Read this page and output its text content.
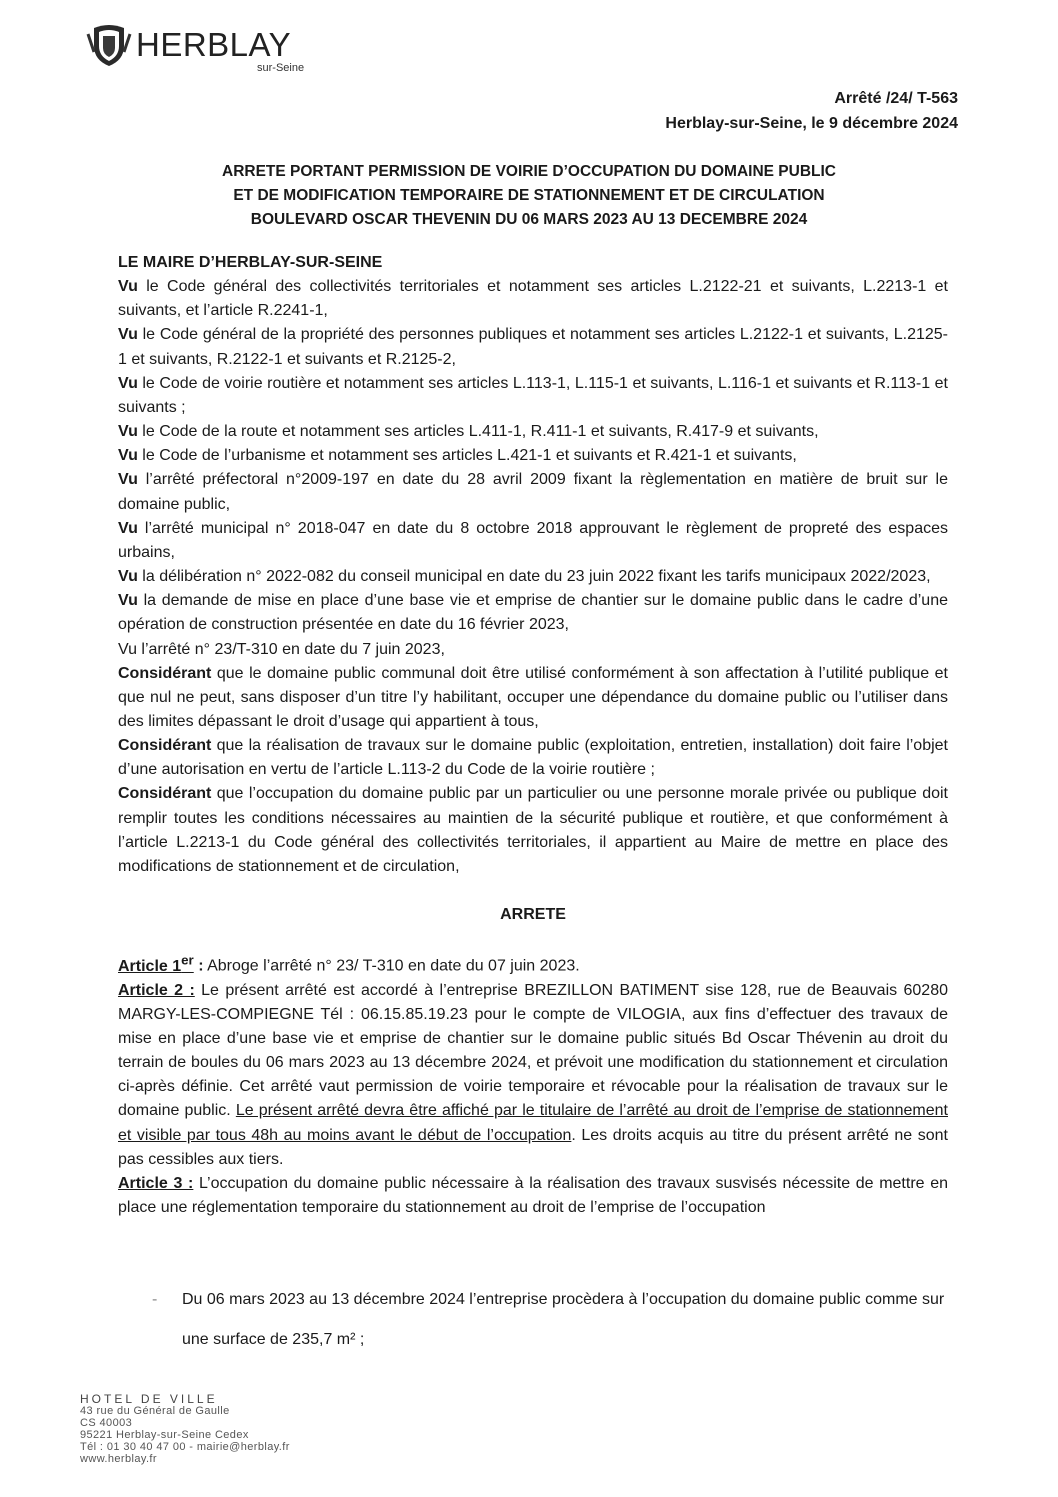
HERBLAY
sur-Seine
Arrêté /24/ T-563
Herblay-sur-Seine, le 9 décembre 2024
ARRETE PORTANT PERMISSION DE VOIRIE D’OCCUPATION DU DOMAINE PUBLIC
ET DE MODIFICATION TEMPORAIRE DE STATIONNEMENT ET DE CIRCULATION
BOULEVARD OSCAR THEVENIN DU 06 MARS 2023 AU 13 DECEMBRE 2024

LE MAIRE D’HERBLAY-SUR-SEINE

Vu le Code général des collectivités territoriales et notamment ses articles L.2122-21 et suivants, L.2213-1 et suivants, et l’article R.2241-1,

Vu le Code général de la propriété des personnes publiques et notamment ses articles L.2122-1 et suivants, L.2125-1 et suivants, R.2122-1 et suivants et R.2125-2,

Vu le Code de voirie routière et notamment ses articles L.113-1, L.115-1 et suivants, L.116-1 et suivants et R.113-1 et suivants ;

Vu le Code de la route et notamment ses articles L.411-1, R.411-1 et suivants, R.417-9 et suivants,

Vu le Code de l’urbanisme et notamment ses articles L.421-1 et suivants et R.421-1 et suivants,

Vu l’arrêté préfectoral n°2009-197 en date du 28 avril 2009 fixant la règlementation en matière de bruit sur le domaine public,

Vu l’arrêté municipal n° 2018-047 en date du 8 octobre 2018 approuvant le règlement de propreté des espaces urbains,

Vu la délibération n° 2022-082 du conseil municipal en date du 23 juin 2022 fixant les tarifs municipaux 2022/2023,

Vu la demande de mise en place d’une base vie et emprise de chantier sur le domaine public dans le cadre d’une opération de construction présentée en date du 16 février 2023,

Vu l’arrêté n° 23/T-310 en date du 7 juin 2023,

Considérant que le domaine public communal doit être utilisé conformément à son affectation à l’utilité publique et que nul ne peut, sans disposer d’un titre l’y habilitant, occuper une dépendance du domaine public ou l’utiliser dans des limites dépassant le droit d’usage qui appartient à tous,

Considérant que la réalisation de travaux sur le domaine public (exploitation, entretien, installation) doit faire l’objet d’une autorisation en vertu de l’article L.113-2 du Code de la voirie routière ;

Considérant que l’occupation du domaine public par un particulier ou une personne morale privée ou publique doit remplir toutes les conditions nécessaires au maintien de la sécurité publique et routière, et que conformément à l’article L.2213-1 du Code général des collectivités territoriales, il appartient au Maire de mettre en place des modifications de stationnement et de circulation,

ARRETE

Article 1er : Abroge l’arrêté n° 23/ T-310 en date du 07 juin 2023.

Article 2 : Le présent arrêté est accordé à l’entreprise BREZILLON BATIMENT sise 128, rue de Beauvais 60280 MARGY-LES-COMPIEGNE Tél : 06.15.85.19.23 pour le compte de VILOGIA, aux fins d’effectuer des travaux de mise en place d’une base vie et emprise de chantier sur le domaine public situés Bd Oscar Thévenin au droit du terrain de boules du 06 mars 2023 au 13 décembre 2024, et prévoit une modification du stationnement et circulation ci-après définie. Cet arrêté vaut permission de voirie temporaire et révocable pour la réalisation de travaux sur le domaine public. Le présent arrêté devra être affiché par le titulaire de l’arrêté au droit de l’emprise de stationnement et visible par tous 48h au moins avant le début de l’occupation. Les droits acquis au titre du présent arrêté ne sont pas cessibles aux tiers.

Article 3 : L’occupation du domaine public nécessaire à la réalisation des travaux susvisés nécessite de mettre en place une réglementation temporaire du stationnement au droit de l’emprise de l’occupation

- Du 06 mars 2023 au 13 décembre 2024 l’entreprise procèdera à l’occupation du domaine public comme sur une surface de 235,7 m² ;
HOTEL DE VILLE
43 rue du Général de Gaulle
CS 40003
95221 Herblay-sur-Seine Cedex
Tél : 01 30 40 47 00 - mairie@herblay.fr
www.herblay.fr
